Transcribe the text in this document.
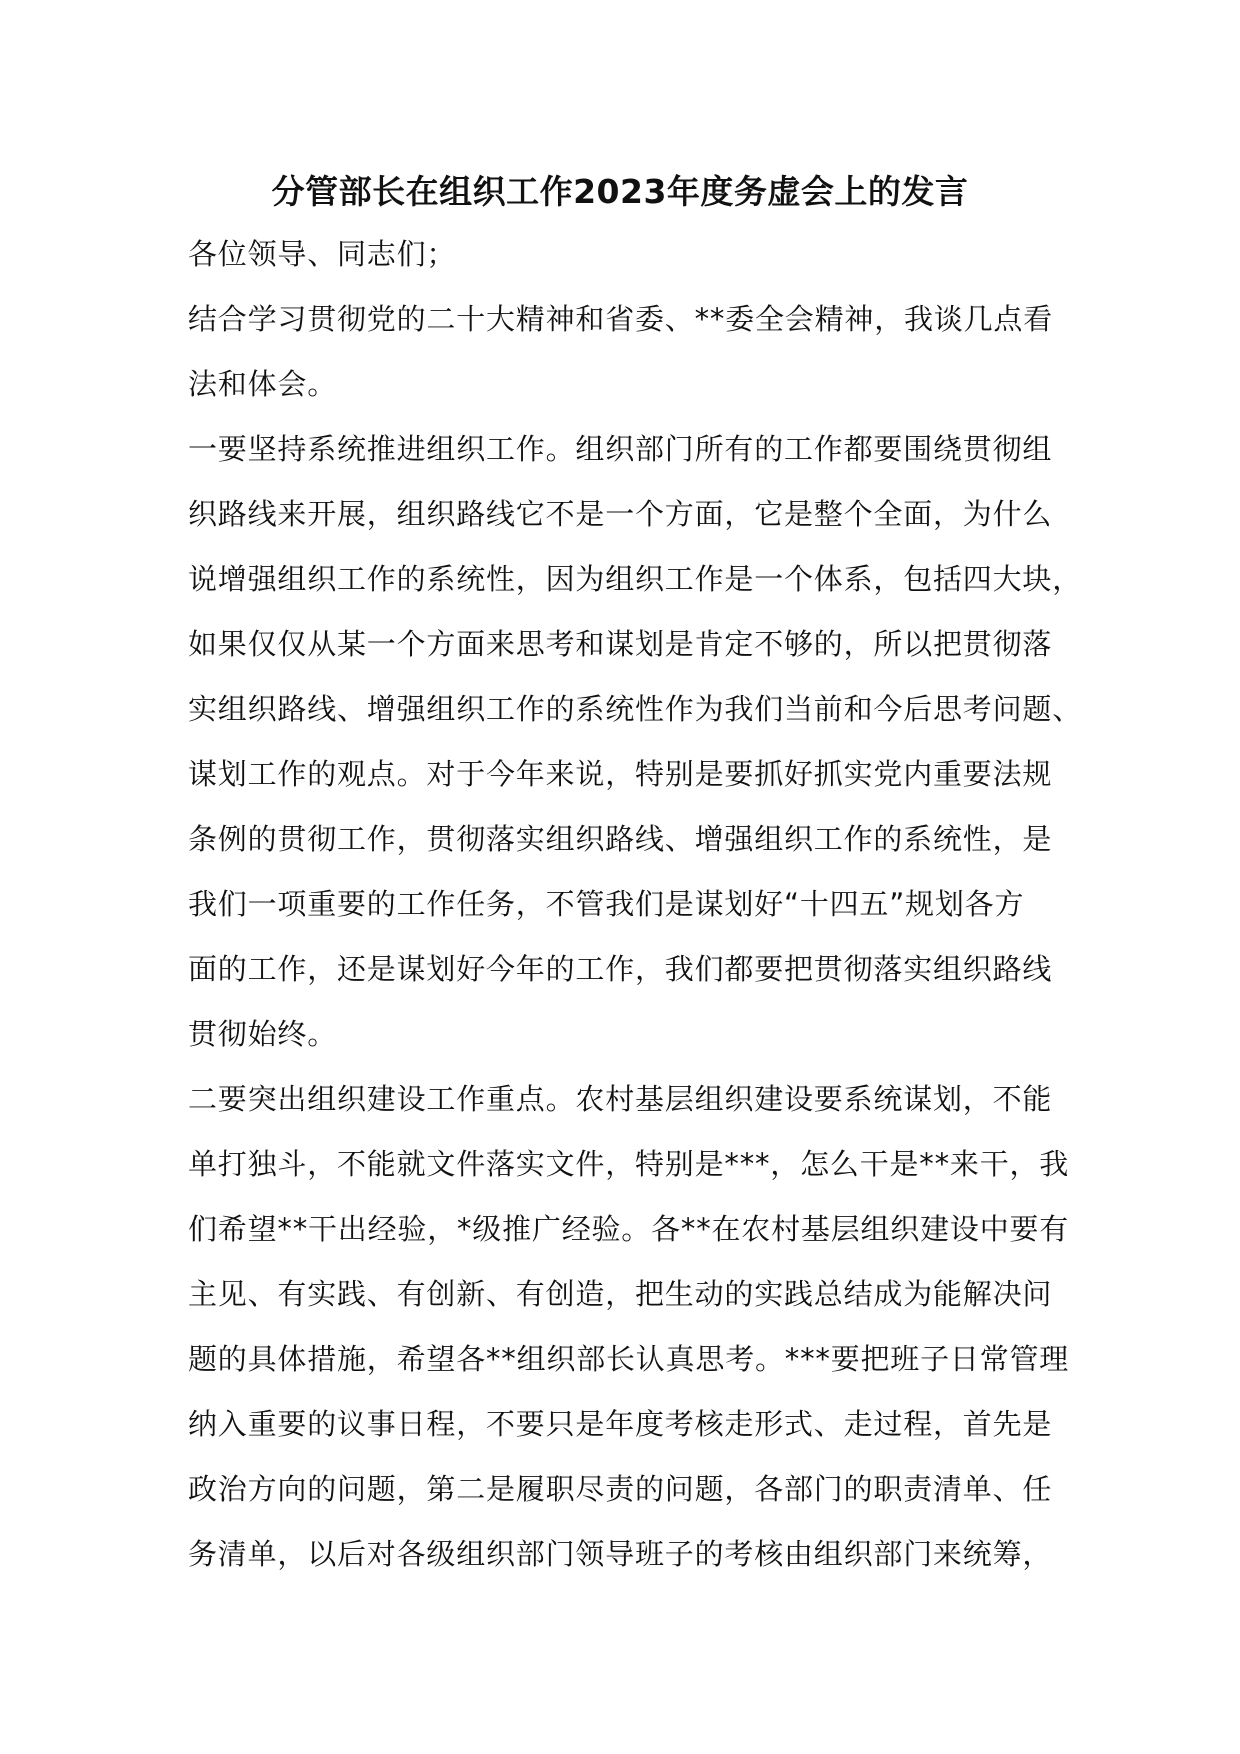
分管部长在组织工作2023年度务虚会上的发言
各位领导、同志们；
结合学习贯彻党的二十大精神和省委、**委全会精神，我谈几点看
法和体会。
一要坚持系统推进组织工作。组织部门所有的工作都要围绕贯彻组
织路线来开展，组织路线它不是一个方面，它是整个全面，为什么
说增强组织工作的系统性，因为组织工作是一个体系，包括四大块，
如果仅仅从某一个方面来思考和谋划是肯定不够的，所以把贯彻落
实组织路线、增强组织工作的系统性作为我们当前和今后思考问题、
谋划工作的观点。对于今年来说，特别是要抓好抓实党内重要法规
条例的贯彻工作，贯彻落实组织路线、增强组织工作的系统性，是
我们一项重要的工作任务，不管我们是谋划好“十四五”规划各方
面的工作，还是谋划好今年的工作，我们都要把贯彻落实组织路线
贯彻始终。
二要突出组织建设工作重点。农村基层组织建设要系统谋划，不能
单打独斗，不能就文件落实文件，特别是***，怎么干是**来干，我
们希望**干出经验，*级推广经验。各**在农村基层组织建设中要有
主见、有实践、有创新、有创造，把生动的实践总结成为能解决问
题的具体措施，希望各**组织部长认真思考。***要把班子日常管理
纳入重要的议事日程，不要只是年度考核走形式、走过程，首先是
政治方向的问题，第二是履职尽责的问题，各部门的职责清单、任
务清单，以后对各级组织部门领导班子的考核由组织部门来统筹，
